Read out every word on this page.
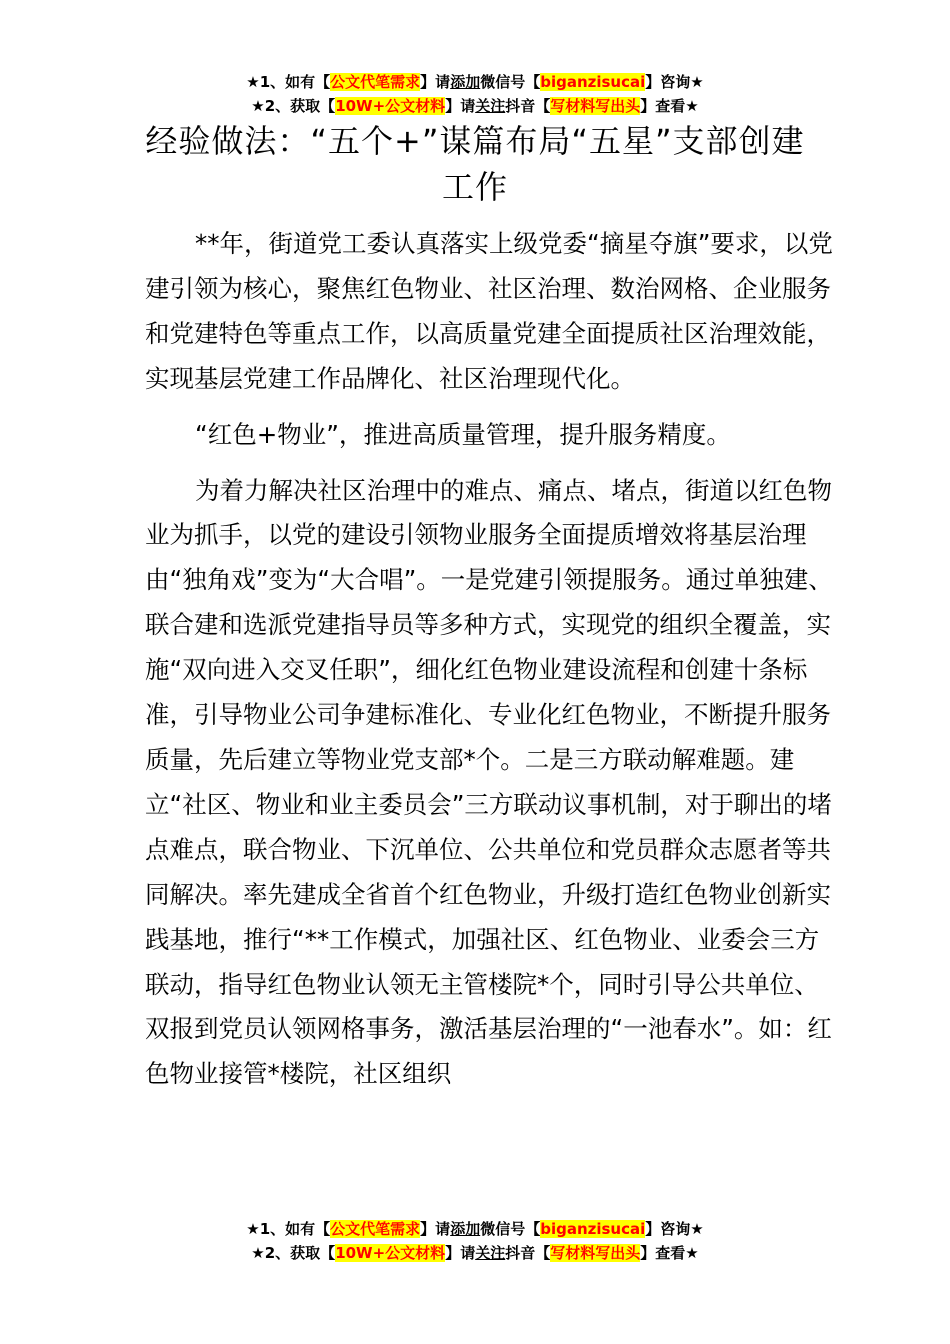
★1、如有【公文代笔需求】请添加微信号【biganzisucai】咨询★
★2、获取【10W+公文材料】请关注抖音【写材料写出头】查看★
经验做法：“五个+”谋篇布局“五星”支部创建工作

**年，街道党工委认真落实上级党委“摘星夺旗”要求，以党建引领为核心，聚焦红色物业、社区治理、数治网格、企业服务和党建特色等重点工作，以高质量党建全面提质社区治理效能，实现基层党建工作品牌化、社区治理现代化。

“红色+物业”，推进高质量管理，提升服务精度。

为着力解决社区治理中的难点、痛点、堵点，街道以红色物业为抓手，以党的建设引领物业服务全面提质增效将基层治理由“独角戏”变为“大合唱”。一是党建引领提服务。通过单独建、联合建和选派党建指导员等多种方式，实现党的组织全覆盖，实施“双向进入交叉任职”，细化红色物业建设流程和创建十条标准，引导物业公司争建标准化、专业化红色物业，不断提升服务质量，先后建立等物业党支部*个。二是三方联动解难题。建立“社区、物业和业主委员会”三方联动议事机制，对于聊出的堵点难点，联合物业、下沉单位、公共单位和党员群众志愿者等共同解决。率先建成全省首个红色物业，升级打造红色物业创新实践基地，推行“**工作模式，加强社区、红色物业、业委会三方联动，指导红色物业认领无主管楼院*个，同时引导公共单位、双报到党员认领网格事务，激活基层治理的“一池春水”。如：红色物业接管*楼院，社区组织

★1、如有【公文代笔需求】请添加微信号【biganzisucai】咨询★
★2、获取【10W+公文材料】请关注抖音【写材料写出头】查看★
